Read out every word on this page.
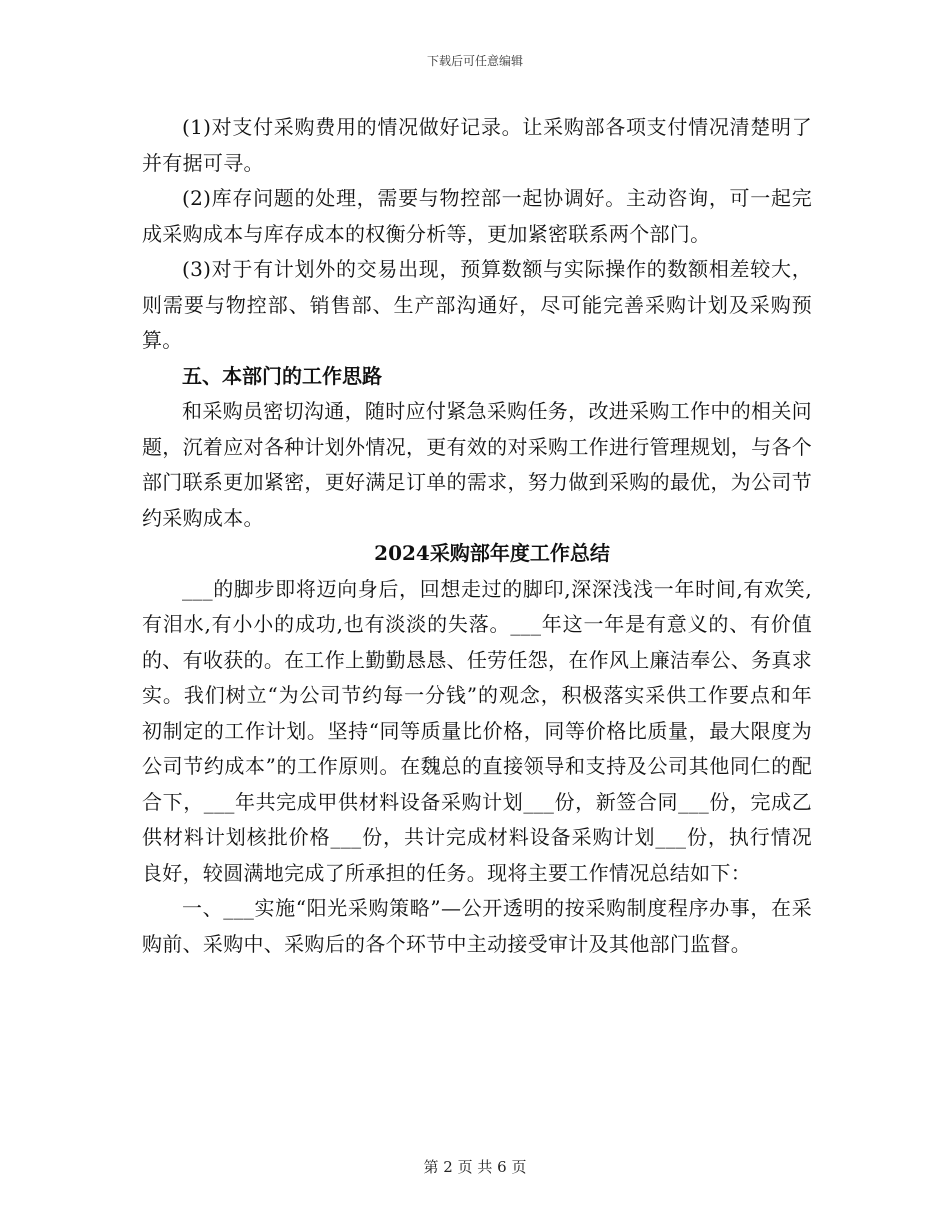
下载后可任意编辑

(1)对支付采购费用的情况做好记录。让采购部各项支付情况清楚明了并有据可寻。

(2)库存问题的处理，需要与物控部一起协调好。主动咨询，可一起完成采购成本与库存成本的权衡分析等，更加紧密联系两个部门。

(3)对于有计划外的交易出现，预算数额与实际操作的数额相差较大，则需要与物控部、销售部、生产部沟通好，尽可能完善采购计划及采购预算。

五、本部门的工作思路

和采购员密切沟通，随时应付紧急采购任务，改进采购工作中的相关问题，沉着应对各种计划外情况，更有效的对采购工作进行管理规划，与各个部门联系更加紧密，更好满足订单的需求，努力做到采购的最优，为公司节约采购成本。

2024采购部年度工作总结

___的脚步即将迈向身后，回想走过的脚印,深深浅浅一年时间,有欢笑,有泪水,有小小的成功,也有淡淡的失落。___年这一年是有意义的、有价值的、有收获的。在工作上勤勤恳恳、任劳任怨，在作风上廉洁奉公、务真求实。我们树立“为公司节约每一分钱”的观念，积极落实采供工作要点和年初制定的工作计划。坚持“同等质量比价格，同等价格比质量，最大限度为公司节约成本”的工作原则。在魏总的直接领导和支持及公司其他同仁的配合下，___年共完成甲供材料设备采购计划___份，新签合同___份，完成乙供材料计划核批价格___份，共计完成材料设备采购计划___份，执行情况良好，较圆满地完成了所承担的任务。现将主要工作情况总结如下：

一、___实施“阳光采购策略”—公开透明的按采购制度程序办事，在采购前、采购中、采购后的各个环节中主动接受审计及其他部门监督。

第 2 页 共 6 页
